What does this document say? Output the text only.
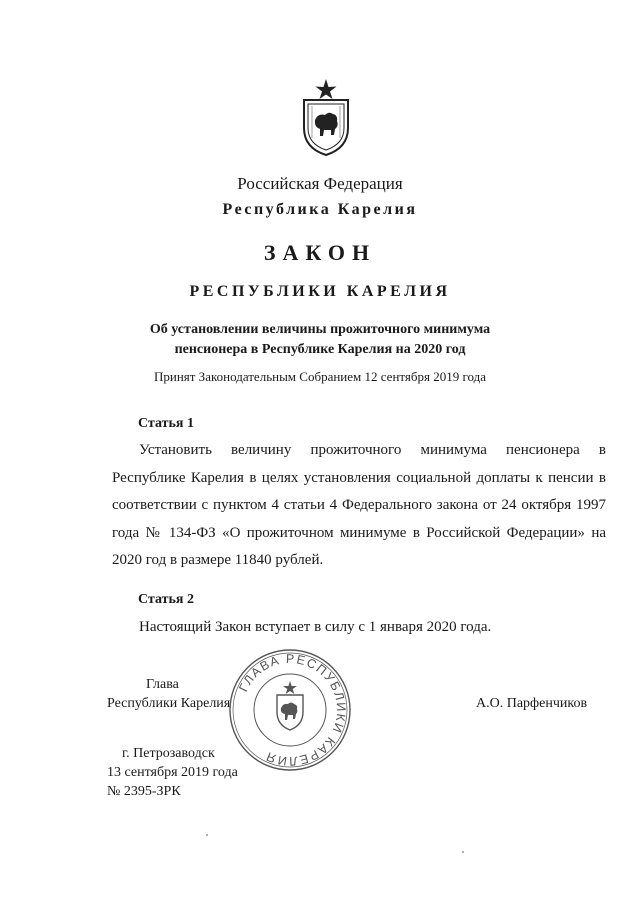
Российская Федерация
Республика Карелия
ЗАКОН
РЕСПУБЛИКИ КАРЕЛИЯ
Об установлении величины прожиточного минимума
пенсионера в Республике Карелия на 2020 год
Принят Законодательным Собранием 12 сентября 2019 года
Статья 1
Установить величину прожиточного минимума пенсионера в Республике Карелия в целях установления социальной доплаты к пенсии в соответствии с пунктом 4 статьи 4 Федерального закона от 24 октября 1997 года № 134-ФЗ «О прожиточном минимуме в Российской Федерации» на 2020 год в размере 11840 рублей.
Статья 2
Настоящий Закон вступает в силу с 1 января 2020 года.
ГЛАВА РЕСПУБЛИКИ КАРЕЛИЯ
Глава
Республики Карелия	А.О. Парфенчиков
г. Петрозаводск
13 сентября 2019 года
№ 2395-ЗРК
